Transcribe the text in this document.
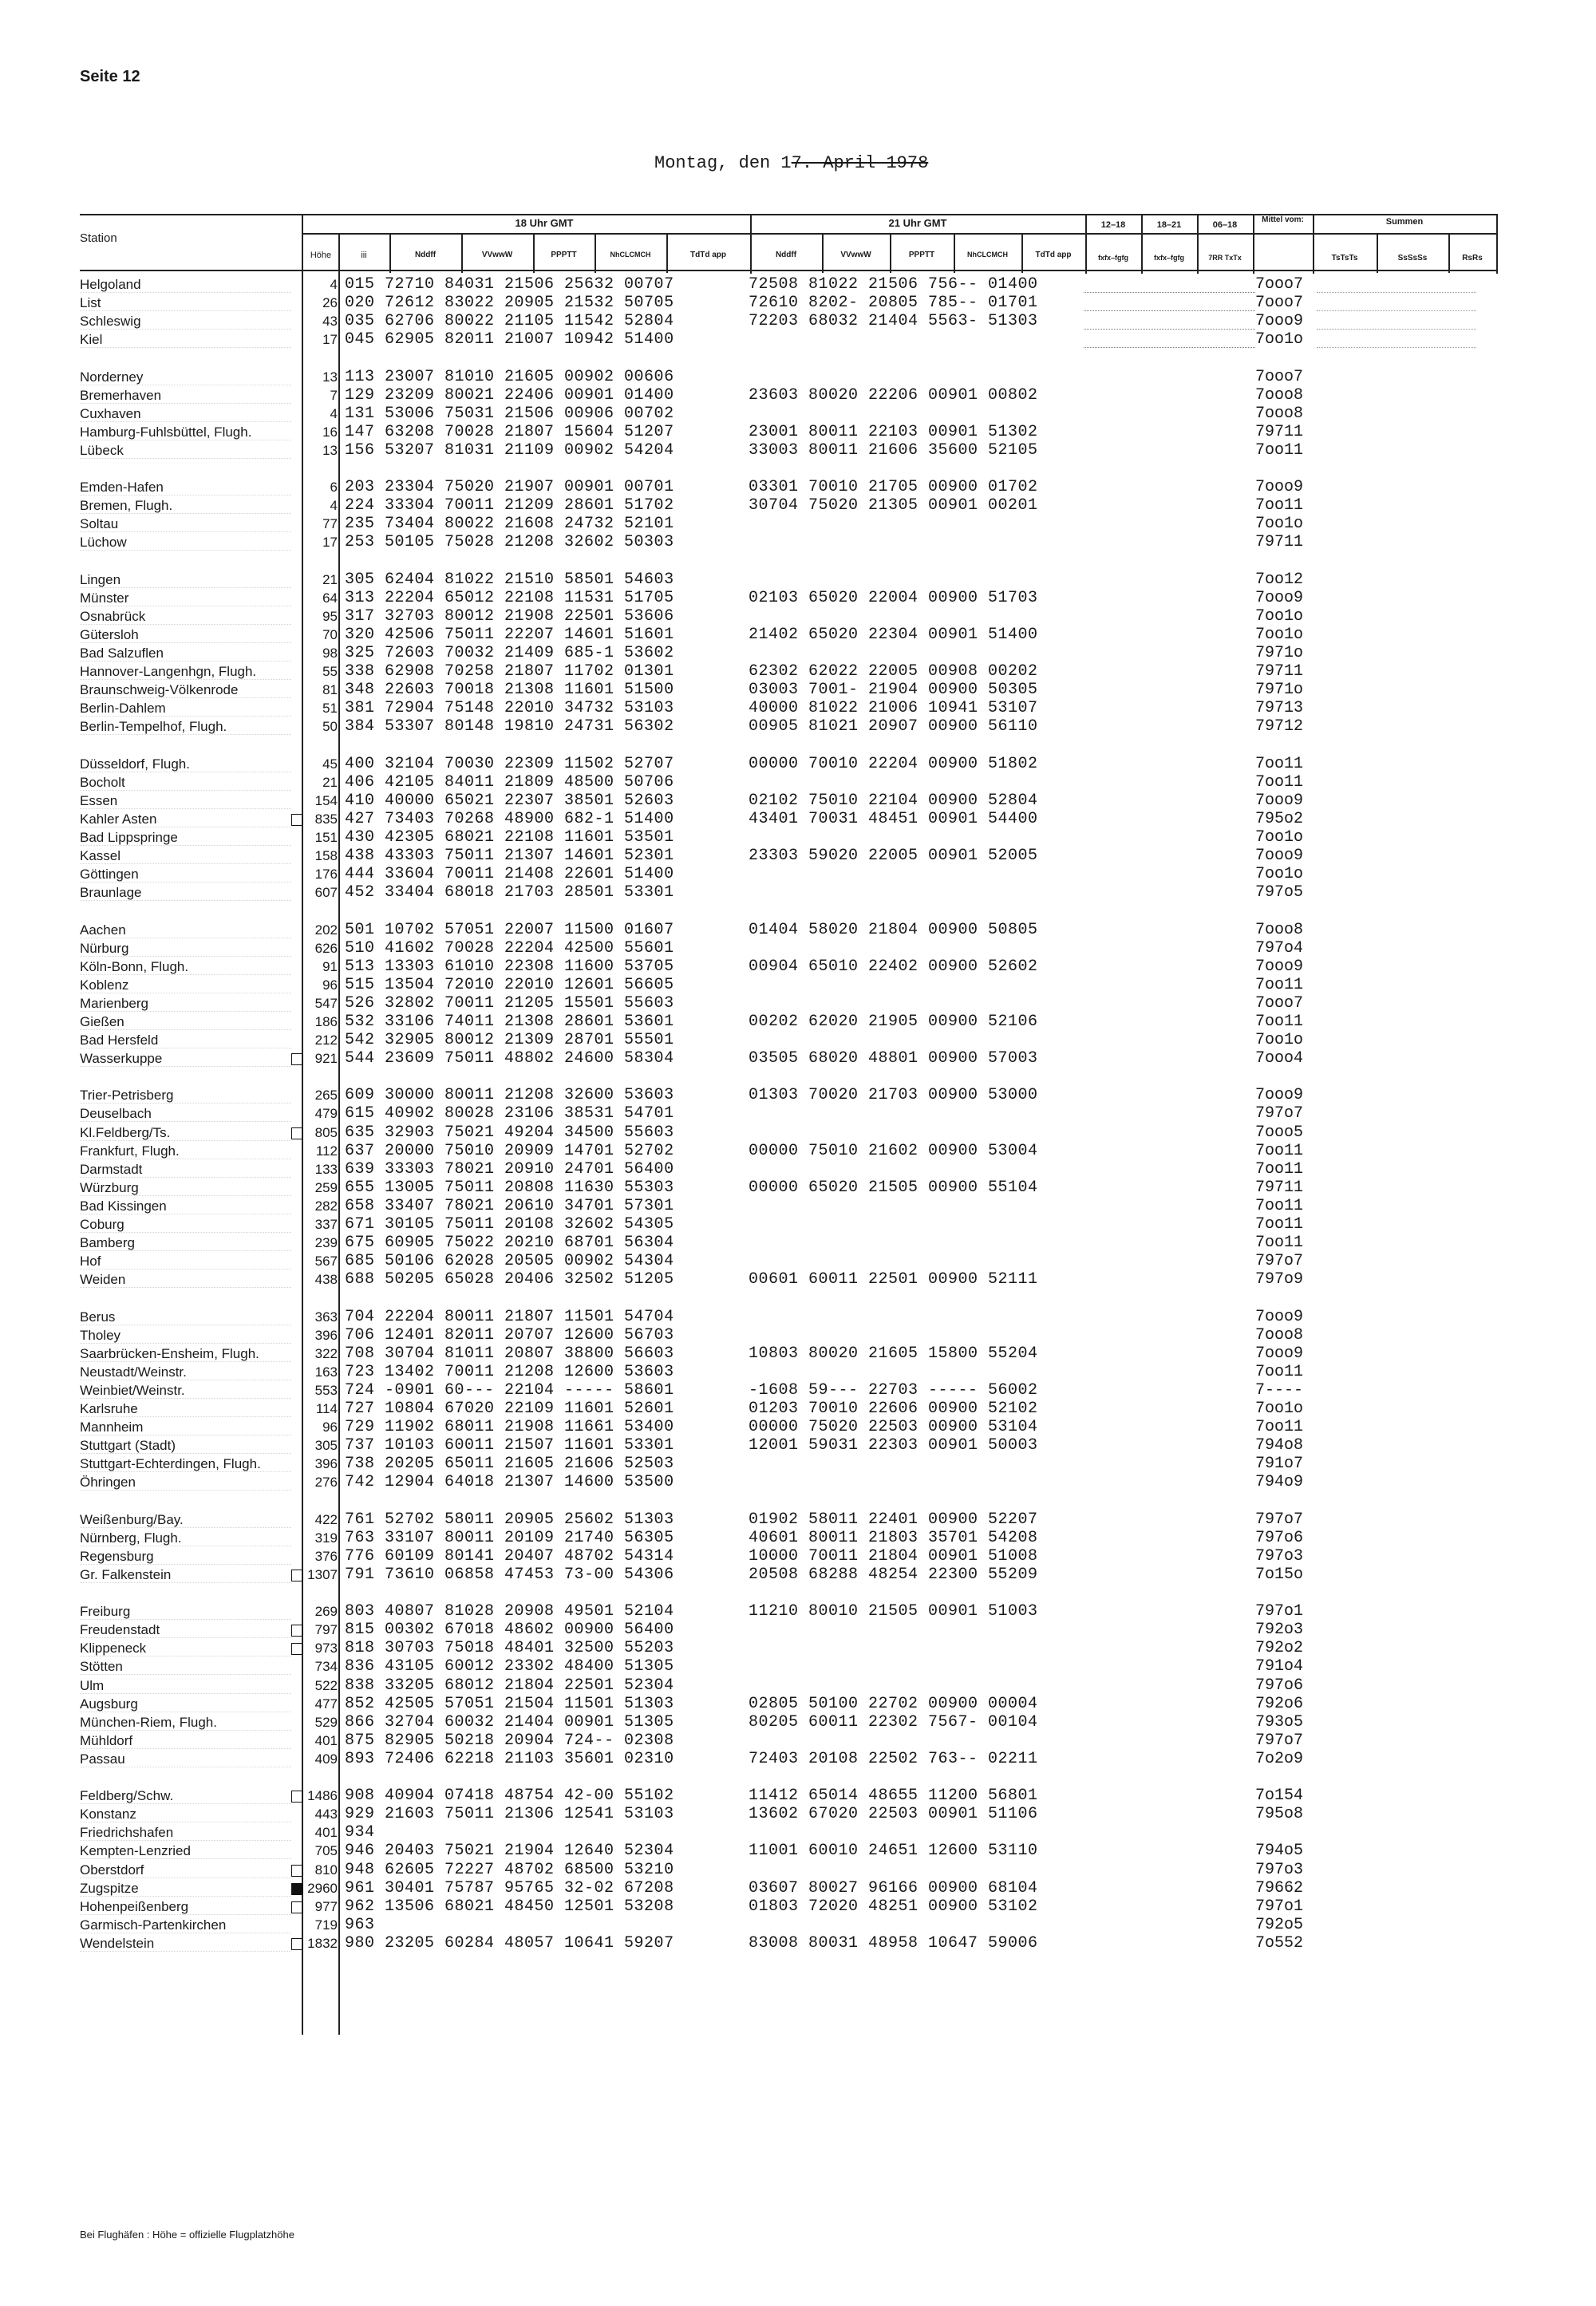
Seite 12
Montag, den 17. April 1978
Station
Höhe	iii
18 Uhr GMT	21 Uhr GMT
Nddff	VVwwW	PPPTT	NhCLCMCH	TdTd app	Nddff	VVwwW	PPPTT	NhCLCMCH	TdTd app
12–18	18–21	06–18
Mittel vom:	Summen
fxfx–fgfg	fxfx–fgfg	7RR TxTx	TsTsTs	SsSsSs	RsRs
Helgoland	4 015 72710 84031 21506 25632 00707	72508 81022 21506 756-- 01400	7ooo7
List	26 020 72612 83022 20905 21532 50705	72610 8202- 20805 785-- 01701	7ooo7
Schleswig	43 035 62706 80022 21105 11542 52804	72203 68032 21404 5563- 51303	7ooo9
Kiel	17 045 62905 82011 21007 10942 51400	7oo1o
Norderney	13 113 23007 81010 21605 00902 00606	7ooo7
Bremerhaven	7 129 23209 80021 22406 00901 01400	23603 80020 22206 00901 00802	7ooo8
Cuxhaven	4 131 53006 75031 21506 00906 00702	7ooo8
Hamburg-Fuhlsbüttel, Flugh.	16 147 63208 70028 21807 15604 51207	23001 80011 22103 00901 51302	79711
Lübeck	13 156 53207 81031 21109 00902 54204	33003 80011 21606 35600 52105	7oo11
Emden-Hafen	6 203 23304 75020 21907 00901 00701	03301 70010 21705 00900 01702	7ooo9
Bremen, Flugh.	4 224 33304 70011 21209 28601 51702	30704 75020 21305 00901 00201	7oo11
Soltau	77 235 73404 80022 21608 24732 52101	7oo1o
Lüchow	17 253 50105 75028 21208 32602 50303	79711
Lingen	21 305 62404 81022 21510 58501 54603	7oo12
Münster	64 313 22204 65012 22108 11531 51705	02103 65020 22004 00900 51703	7ooo9
Osnabrück	95 317 32703 80012 21908 22501 53606	7oo1o
Gütersloh	70 320 42506 75011 22207 14601 51601	21402 65020 22304 00901 51400	7oo1o
Bad Salzuflen	98 325 72603 70032 21409 685-1 53602	7971o
Hannover-Langenhgn, Flugh.	55 338 62908 70258 21807 11702 01301	62302 62022 22005 00908 00202	79711
Braunschweig-Völkenrode	81 348 22603 70018 21308 11601 51500	03003 7001- 21904 00900 50305	7971o
Berlin-Dahlem	51 381 72904 75148 22010 34732 53103	40000 81022 21006 10941 53107	79713
Berlin-Tempelhof, Flugh.	50 384 53307 80148 19810 24731 56302	00905 81021 20907 00900 56110	79712
Düsseldorf, Flugh.	45 400 32104 70030 22309 11502 52707	00000 70010 22204 00900 51802	7oo11
Bocholt	21 406 42105 84011 21809 48500 50706	7oo11
Essen	154 410 40000 65021 22307 38501 52603	02102 75010 22104 00900 52804	7ooo9
Kahler Asten	835 427 73403 70268 48900 682-1 51400	43401 70031 48451 00901 54400	795o2
Bad Lippspringe	151 430 42305 68021 22108 11601 53501	7oo1o
Kassel	158 438 43303 75011 21307 14601 52301	23303 59020 22005 00901 52005	7ooo9
Göttingen	176 444 33604 70011 21408 22601 51400	7oo1o
Braunlage	607 452 33404 68018 21703 28501 53301	797o5
Aachen	202 501 10702 57051 22007 11500 01607	01404 58020 21804 00900 50805	7ooo8
Nürburg	626 510 41602 70028 22204 42500 55601	797o4
Köln-Bonn, Flugh.	91 513 13303 61010 22308 11600 53705	00904 65010 22402 00900 52602	7ooo9
Koblenz	96 515 13504 72010 22010 12601 56605	7oo11
Marienberg	547 526 32802 70011 21205 15501 55603	7ooo7
Gießen	186 532 33106 74011 21308 28601 53601	00202 62020 21905 00900 52106	7oo11
Bad Hersfeld	212 542 32905 80012 21309 28701 55501	7oo1o
Wasserkuppe	921 544 23609 75011 48802 24600 58304	03505 68020 48801 00900 57003	7ooo4
Trier-Petrisberg	265 609 30000 80011 21208 32600 53603	01303 70020 21703 00900 53000	7ooo9
Deuselbach	479 615 40902 80028 23106 38531 54701	797o7
Kl.Feldberg/Ts.	805 635 32903 75021 49204 34500 55603	7ooo5
Frankfurt, Flugh.	112 637 20000 75010 20909 14701 52702	00000 75010 21602 00900 53004	7oo11
Darmstadt	133 639 33303 78021 20910 24701 56400	7oo11
Würzburg	259 655 13005 75011 20808 11630 55303	00000 65020 21505 00900 55104	79711
Bad Kissingen	282 658 33407 78021 20610 34701 57301	7oo11
Coburg	337 671 30105 75011 20108 32602 54305	7oo11
Bamberg	239 675 60905 75022 20210 68701 56304	7oo11
Hof	567 685 50106 62028 20505 00902 54304	797o7
Weiden	438 688 50205 65028 20406 32502 51205	00601 60011 22501 00900 52111	797o9
Berus	363 704 22204 80011 21807 11501 54704	7ooo9
Tholey	396 706 12401 82011 20707 12600 56703	7ooo8
Saarbrücken-Ensheim, Flugh.	322 708 30704 81011 20807 38800 56603	10803 80020 21605 15800 55204	7ooo9
Neustadt/Weinstr.	163 723 13402 70011 21208 12600 53603	7oo11
Weinbiet/Weinstr.	553 724 -0901 60--- 22104 ----- 58601	-1608 59--- 22703 ----- 56002	7----
Karlsruhe	114 727 10804 67020 22109 11601 52601	01203 70010 22606 00900 52102	7oo1o
Mannheim	96 729 11902 68011 21908 11661 53400	00000 75020 22503 00900 53104	7oo11
Stuttgart (Stadt)	305 737 10103 60011 21507 11601 53301	12001 59031 22303 00901 50003	794o8
Stuttgart-Echterdingen, Flugh.	396 738 20205 65011 21605 21606 52503	791o7
Öhringen	276 742 12904 64018 21307 14600 53500	794o9
Weißenburg/Bay.	422 761 52702 58011 20905 25602 51303	01902 58011 22401 00900 52207	797o7
Nürnberg, Flugh.	319 763 33107 80011 20109 21740 56305	40601 80011 21803 35701 54208	797o6
Regensburg	376 776 60109 80141 20407 48702 54314	10000 70011 21804 00901 51008	797o3
Gr. Falkenstein	1307 791 73610 06858 47453 73-00 54306	20508 68288 48254 22300 55209	7o15o
Freiburg	269 803 40807 81028 20908 49501 52104	11210 80010 21505 00901 51003	797o1
Freudenstadt	797 815 00302 67018 48602 00900 56400	792o3
Klippeneck	973 818 30703 75018 48401 32500 55203	792o2
Stötten	734 836 43105 60012 23302 48400 51305	791o4
Ulm	522 838 33205 68012 21804 22501 52304	797o6
Augsburg	477 852 42505 57051 21504 11501 51303	02805 50100 22702 00900 00004	792o6
München-Riem, Flugh.	529 866 32704 60032 21404 00901 51305	80205 60011 22302 7567- 00104	793o5
Mühldorf	401 875 82905 50218 20904 724-- 02308	797o7
Passau	409 893 72406 62218 21103 35601 02310	72403 20108 22502 763-- 02211	7o2o9
Feldberg/Schw.	1486 908 40904 07418 48754 42-00 55102	11412 65014 48655 11200 56801	7o154
Konstanz	443 929 21603 75011 21306 12541 53103	13602 67020 22503 00901 51106	795o8
Friedrichshafen	401 934
Kempten-Lenzried	705 946 20403 75021 21904 12640 52304	11001 60010 24651 12600 53110	794o5
Oberstdorf	810 948 62605 72227 48702 68500 53210	797o3
Zugspitze	2960 961 30401 75787 95765 32-02 67208	03607 80027 96166 00900 68104	79662
Hohenpeißenberg	977 962 13506 68021 48450 12501 53208	01803 72020 48251 00900 53102	797o1
Garmisch-Partenkirchen	719 963	792o5
Wendelstein	1832 980 23205 60284 48057 10641 59207	83008 80031 48958 10647 59006	7o552
Bei Flughäfen : Höhe = offizielle Flugplatzhöhe
